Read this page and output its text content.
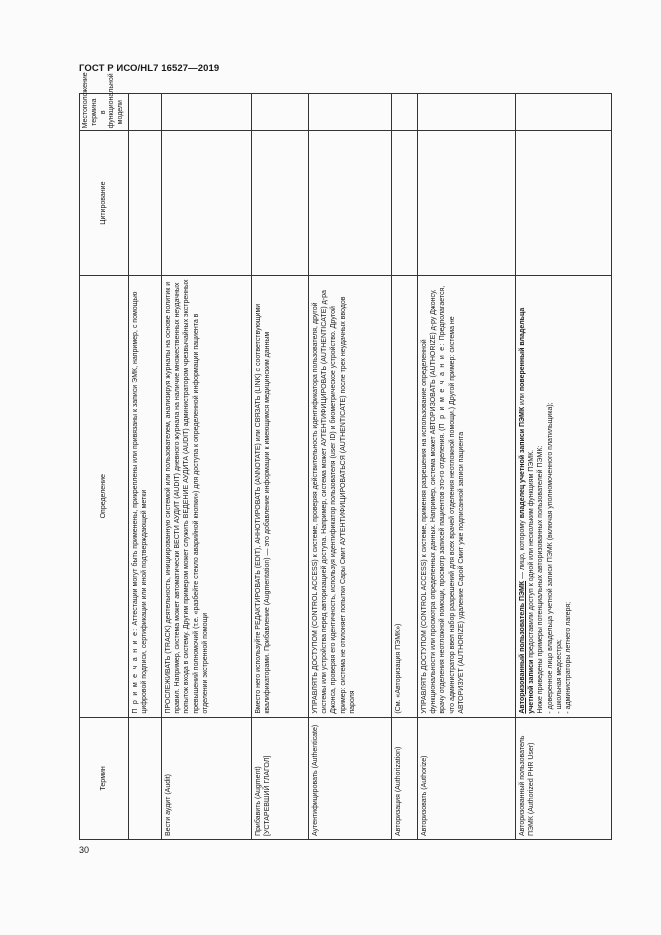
ГОСТ Р ИСО/HL7 16527—2019
Термин	Определение	Цитирование	Местоположение термина в функциональной модели
	П р и м е ч а н и е: Аттестации могут быть применены, прикреплены или привязаны к записи ЭМК, например, с помощью цифровой подписи, сертификации или иной подтверждающей метки		
Вести аудит (Audit)	ПРОСЛЕЖИВАТЬ (TRACK) деятельность, инициированную системой или пользователем, анализируя журналы на основе политик и правил. Например, система может автоматически ВЕСТИ АУДИТ (AUDIT) дневного журнала на наличие множественных неудачных попыток входа в систему. Другим примером может служить ВЕДЕНИЕ АУДИТА (AUDIT) администратором чрезвычайных экстренных превышений полномочий (т.е. «разбейте стекло аварийной кнопки») для доступа к определенной информации пациента в отделении экстренной помощи		
Прибавить (Augment) [УСТАРЕВШИЙ ГЛАГОЛ]	Вместо него используйте РЕДАКТИРОВАТЬ (EDIT), АННОТИРОВАТЬ (ANNOTATE) или СВЯЗАТЬ (LINK) с соответствующими квалификаторами. Прибавление (Augmentation) — это добавление информации к имеющимся медицинским данным		
Аутентифицировать (Authenticate)	УПРАВЛЯТЬ ДОСТУПОМ (CONTROL ACCESS) к системе, проверяя действительность идентификатора пользователя, другой системы или устройства перед авторизацией доступа. Например, система может АУТЕНТИФИЦИРОВАТЬ (AUTHENTICATE) д-ра Джонса, проверяя его идентичность, используя идентификатор пользователя (user ID) и биометрическое устройство. Другой пример: система не отклоняет попытки Сары Смит АУТЕНТИФИЦИРОВАТЬСЯ (AUTHENTICATE) после трех неудачных вводов пароля		
Авторизация (Authorization)	(См. «Авторизация ПЭМК»)		
Авторизовать (Authorize)	УПРАВЛЯТЬ ДОСТУПОМ (CONTROL ACCESS) к системе, применяя разрешения на использование определенной функциональности или просмотра определенных данных. Например, система может АВТОРИЗОВАТЬ (AUTHORIZE) д-ру Джонсу, врачу отделения неотложной помощи, просмотр записей пациентов это-го отделения. (П р и м е ч а н и е: Предполагается, что администратор ввел набор разрешений для всех врачей отделения неотложной помощи.) Другой пример: система не АВТОРИЗУЕТ (AUTHORIZE) удаление Сарой Смит уже подписанной записи пациента		
Авторизованный пользователь ПЭМК (Authorized PHR User)	Авторизованный пользователь ПЭМК — лицо, которому владелец учетной записи ПЭМК или поверенный владельца учетной записи предоставили доступ к одной или нескольким функциям ПЭМК. Ниже приведены примеры потенциальных авторизованных пользователей ПЭМК: - доверенное лицо владельца учетной записи ПЭМК (включая уполномоченного платильщика); - школьная медсестра; - администраторы летнего лагеря;		

30
